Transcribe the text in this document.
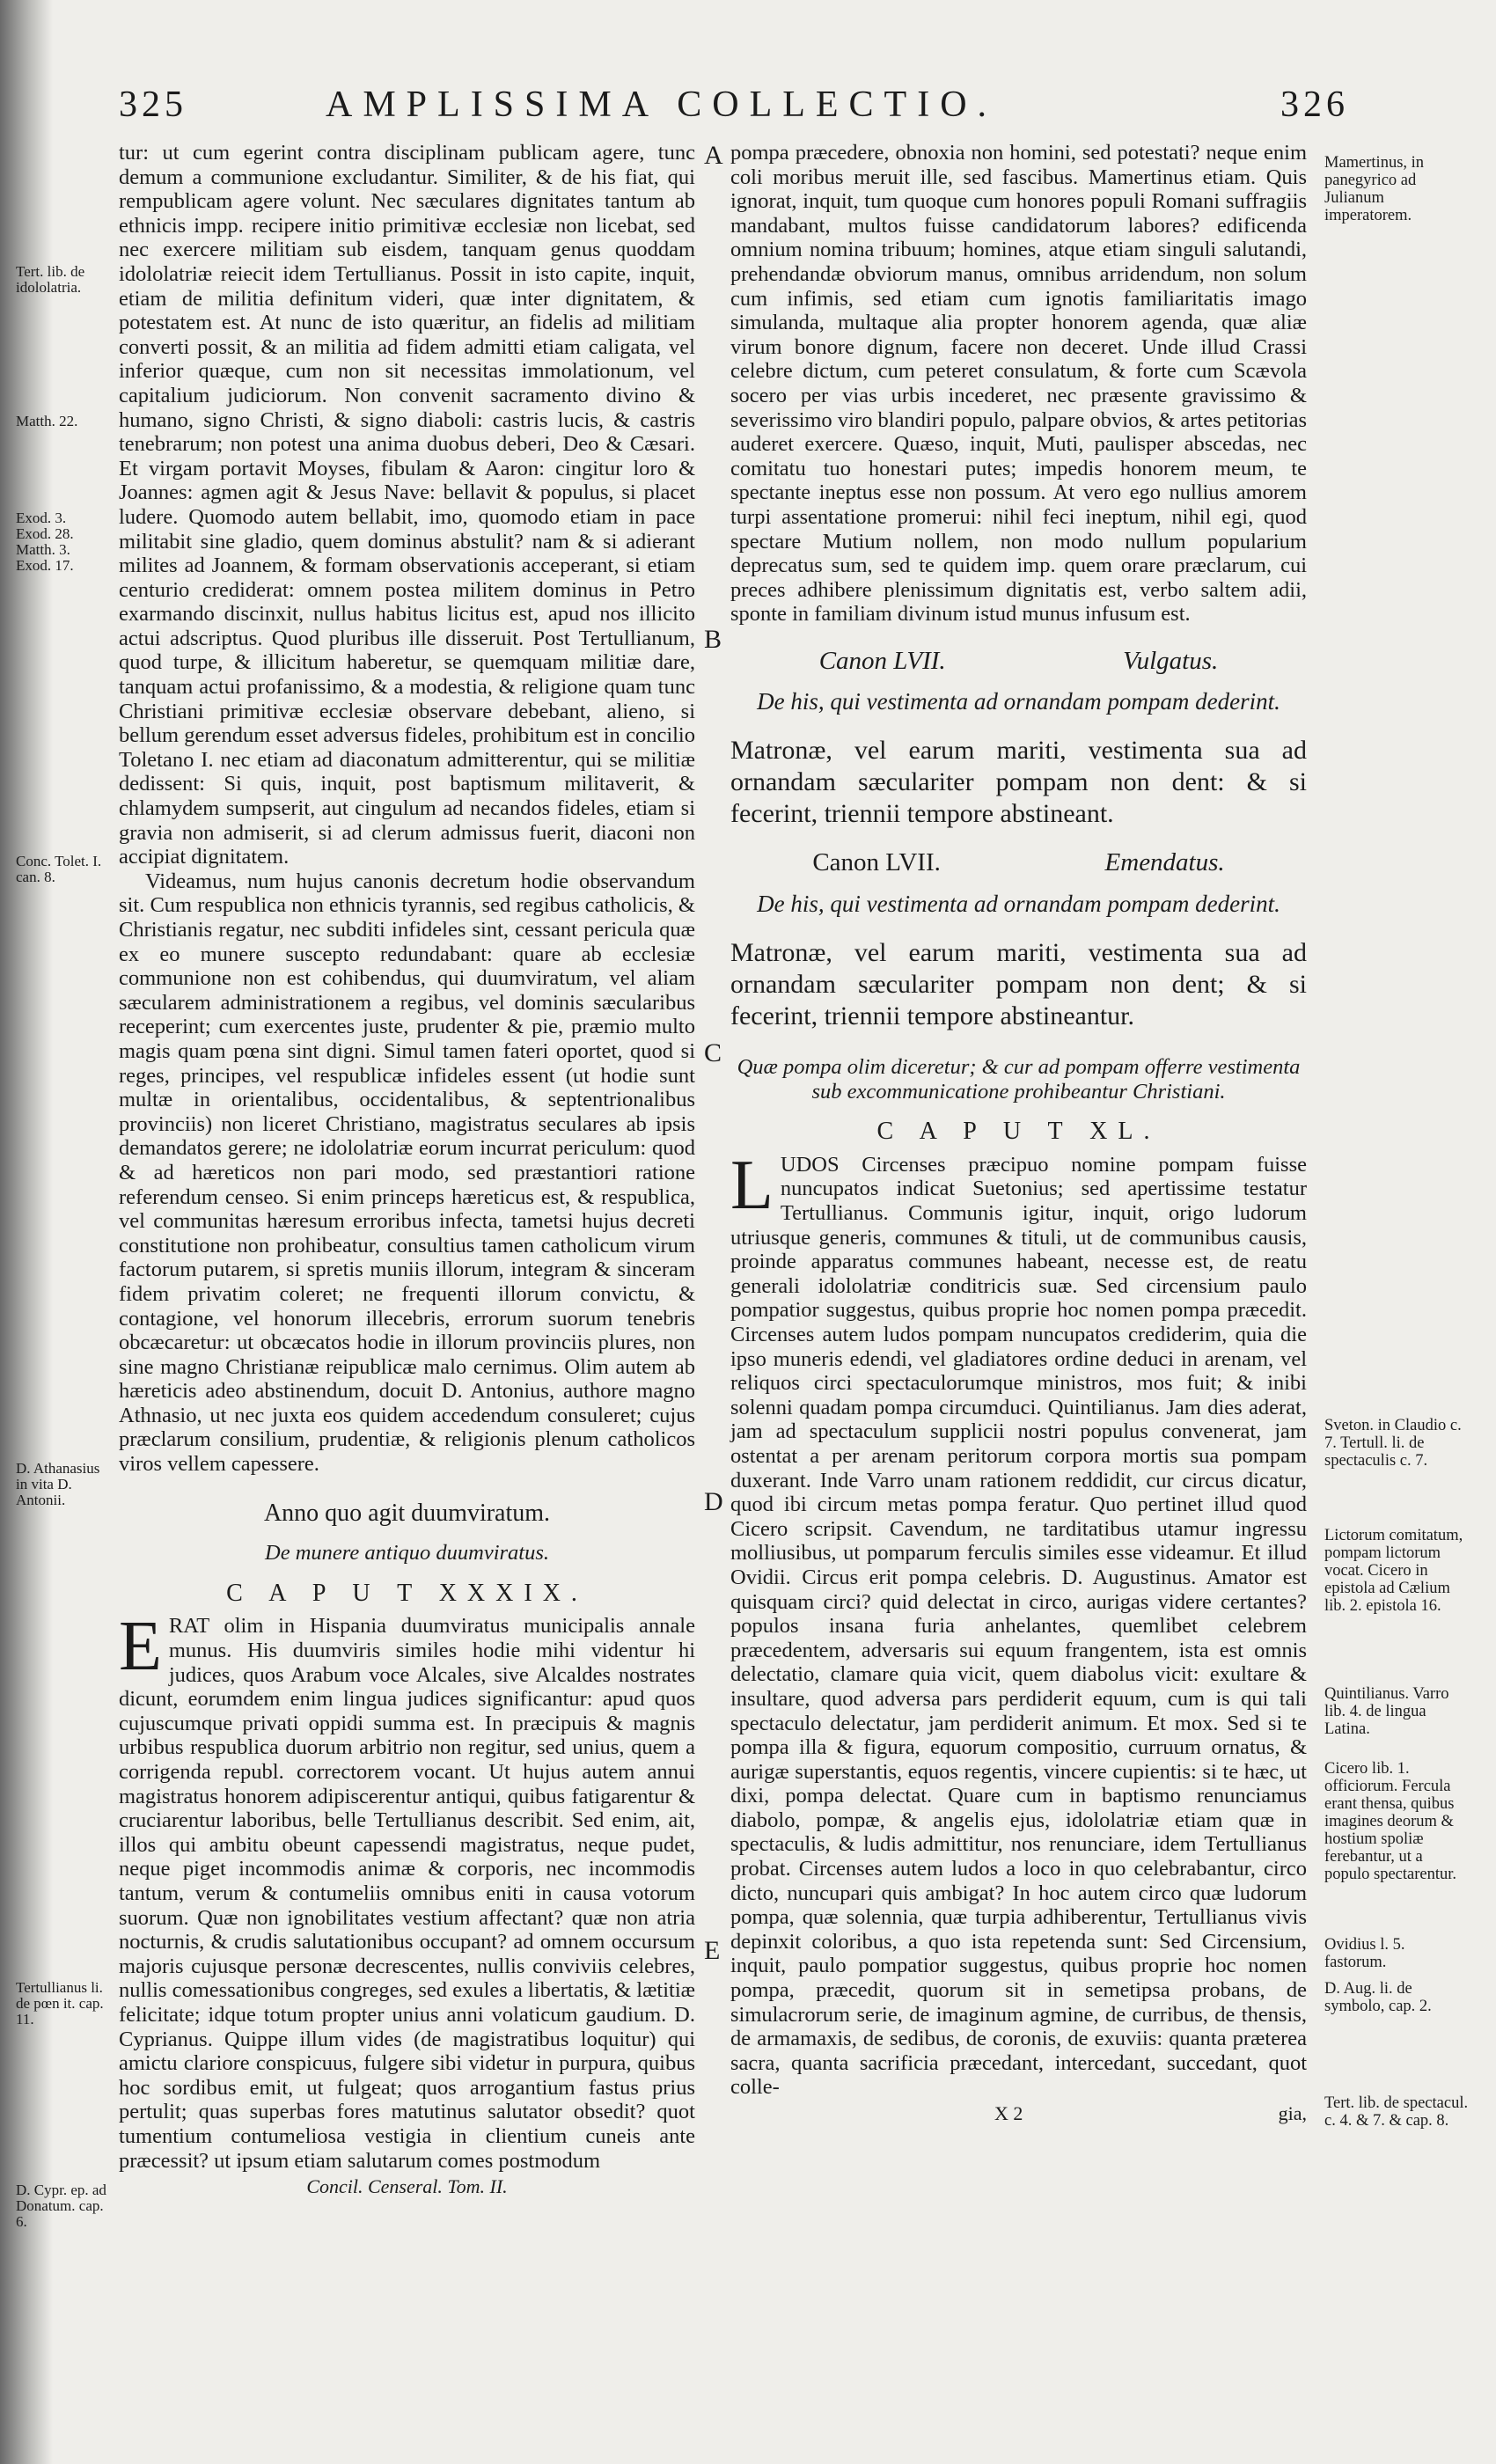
325	AMPLISSIMA COLLECTIO.	326
A
B
C
D
E
Tert. lib. de idololatria.
Matth. 22.
Exod. 3.
Exod. 28.
Matth. 3.
Exod. 17.
Conc. Tolet. I. can. 8.
D. Athanasius in vita D. Antonii.
Tertullianus li. de pœn it. cap. 11.
D. Cypr. ep. ad Donatum. cap. 6.
Mamertinus, in panegyrico ad Julianum imperatorem.
Sveton. in Claudio c. 7. Tertull. li. de spectaculis c. 7.
Lictorum comitatum, pompam lictorum vocat. Cicero in epistola ad Cælium lib. 2. epistola 16.
Quintilianus. Varro lib. 4. de lingua Latina.
Cicero lib. 1. officiorum. Fercula erant thensa, quibus imagines deorum & hostium spoliæ ferebantur, ut a populo spectarentur.
Ovidius l. 5. fastorum.
D. Aug. li. de symbolo, cap. 2.
Tert. lib. de spectacul. c. 4. & 7. & cap. 8.

tur: ut cum egerint contra disciplinam publicam agere, tunc demum a communione excludantur. Similiter, & de his fiat, qui rempublicam agere volunt. Nec sæculares dignitates tantum ab ethnicis impp. recipere initio primitivæ ecclesiæ non licebat, sed nec exercere militiam sub eisdem, tanquam genus quoddam idololatriæ reiecit idem Tertullianus. Possit in isto capite, inquit, etiam de militia definitum videri, quæ inter dignitatem, & potestatem est. At nunc de isto quæritur, an fidelis ad militiam converti possit, & an militia ad fidem admitti etiam caligata, vel inferior quæque, cum non sit necessitas immolationum, vel capitalium judiciorum. Non convenit sacramento divino & humano, signo Christi, & signo diaboli: castris lucis, & castris tenebrarum; non potest una anima duobus deberi, Deo & Cæsari. Et virgam portavit Moyses, fibulam & Aaron: cingitur loro & Joannes: agmen agit & Jesus Nave: bellavit & populus, si placet ludere. Quomodo autem bellabit, imo, quomodo etiam in pace militabit sine gladio, quem dominus abstulit? nam & si adierant milites ad Joannem, & formam observationis acceperant, si etiam centurio crediderat: omnem postea militem dominus in Petro exarmando discinxit, nullus habitus licitus est, apud nos illicito actui adscriptus. Quod pluribus ille disseruit. Post Tertullianum, quod turpe, & illicitum haberetur, se quemquam militiæ dare, tanquam actui profanissimo, & a modestia, & religione quam tunc Christiani primitivæ ecclesiæ observare debebant, alieno, si bellum gerendum esset adversus fideles, prohibitum est in concilio Toletano I. nec etiam ad diaconatum admitterentur, qui se militiæ dedissent: Si quis, inquit, post baptismum militaverit, & chlamydem sumpserit, aut cingulum ad necandos fideles, etiam si gravia non admiserit, si ad clerum admissus fuerit, diaconi non accipiat dignitatem.

Videamus, num hujus canonis decretum hodie observandum sit. Cum respublica non ethnicis tyrannis, sed regibus catholicis, & Christianis regatur, nec subditi infideles sint, cessant pericula quæ ex eo munere suscepto redundabant: quare ab ecclesiæ communione non est cohibendus, qui duumviratum, vel aliam sæcularem administrationem a regibus, vel dominis sæcularibus receperint; cum exercentes juste, prudenter & pie, præmio multo magis quam pœna sint digni. Simul tamen fateri oportet, quod si reges, principes, vel respublicæ infideles essent (ut hodie sunt multæ in orientalibus, occidentalibus, & septentrionalibus provinciis) non liceret Christiano, magistratus seculares ab ipsis demandatos gerere; ne idololatriæ eorum incurrat periculum: quod & ad hæreticos non pari modo, sed præstantiori ratione referendum censeo. Si enim princeps hæreticus est, & respublica, vel communitas hæresum erroribus infecta, tametsi hujus decreti constitutione non prohibeatur, consultius tamen catholicum virum factorum putarem, si spretis muniis illorum, integram & sinceram fidem privatim coleret; ne frequenti illorum convictu, & contagione, vel honorum illecebris, errorum suorum tenebris obcæcaretur: ut obcæcatos hodie in illorum provinciis plures, non sine magno Christianæ reipublicæ malo cernimus. Olim autem ab hæreticis adeo abstinendum, docuit D. Antonius, authore magno Athnasio, ut nec juxta eos quidem accedendum consuleret; cujus præclarum consilium, prudentiæ, & religionis plenum catholicos viros vellem capessere.

Anno quo agit duumviratum.
De munere antiquo duumviratus.
C A P U T XXXIX.

E RAT olim in Hispania duumviratus municipalis annale munus. His duumviris similes hodie mihi videntur hi judices, quos Arabum voce Alcales, sive Alcaldes nostrates dicunt, eorumdem enim lingua judices significantur: apud quos cujuscumque privati oppidi summa est. In præcipuis & magnis urbibus respublica duorum arbitrio non regitur, sed unius, quem a corrigenda republ. correctorem vocant. Ut hujus autem annui magistratus honorem adipiscerentur antiqui, quibus fatigarentur & cruciarentur laboribus, belle Tertullianus describit. Sed enim, ait, illos qui ambitu obeunt capessendi magistratus, neque pudet, neque piget incommodis animæ & corporis, nec incommodis tantum, verum & contumeliis omnibus eniti in causa votorum suorum. Quæ non ignobilitates vestium affectant? quæ non atria nocturnis, & crudis salutationibus occupant? ad omnem occursum majoris cujusque personæ decrescentes, nullis conviviis celebres, nullis comessationibus congreges, sed exules a libertatis, & lætitiæ felicitate; idque totum propter unius anni volaticum gaudium. D. Cyprianus. Quippe illum vides (de magistratibus loquitur) qui amictu clariore conspicuus, fulgere sibi videtur in purpura, quibus hoc sordibus emit, ut fulgeat; quos arrogantium fastus prius pertulit; quas superbas fores matutinus salutator obsedit? quot tumentium contumeliosa vestigia in clientium cuneis ante præcessit? ut ipsum etiam salutarum comes postmodum

Concil. Censeral. Tom. II.

pompa præcedere, obnoxia non homini, sed potestati? neque enim coli moribus meruit ille, sed fascibus. Mamertinus etiam. Quis ignorat, inquit, tum quoque cum honores populi Romani suffragiis mandabant, multos fuisse candidatorum labores? edificenda omnium nomina tribuum; homines, atque etiam singuli salutandi, prehendandæ obviorum manus, omnibus arridendum, non solum cum infimis, sed etiam cum ignotis familiaritatis imago simulanda, multaque alia propter honorem agenda, quæ aliæ virum bonore dignum, facere non deceret. Unde illud Crassi celebre dictum, cum peteret consulatum, & forte cum Scævola socero per vias urbis incederet, nec præsente gravissimo & severissimo viro blandiri populo, palpare obvios, & artes petitorias auderet exercere. Quæso, inquit, Muti, paulisper abscedas, nec comitatu tuo honestari putes; impedis honorem meum, te spectante ineptus esse non possum. At vero ego nullius amorem turpi assentatione promerui: nihil feci ineptum, nihil egi, quod spectare Mutium nollem, non modo nullum popularium deprecatus sum, sed te quidem imp. quem orare præclarum, cui preces adhibere plenissimum dignitatis est, verbo saltem adii, sponte in familiam divinum istud munus infusum est.

Canon LVII.	Vulgatus.
De his, qui vestimenta ad ornandam pompam dederint.

Matronæ, vel earum mariti, vestimenta sua ad ornandam sæculariter pompam non dent: & si fecerint, triennii tempore abstineant.

Canon LVII.	Emendatus.
De his, qui vestimenta ad ornandam pompam dederint.

Matronæ, vel earum mariti, vestimenta sua ad ornandam sæculariter pompam non dent; & si fecerint, triennii tempore abstineantur.

Quæ pompa olim diceretur; & cur ad pompam offerre vestimenta sub excommunicatione prohibeantur Christiani.
C A P U T XL.

L UDOS Circenses præcipuo nomine pompam fuisse nuncupatos indicat Suetonius; sed apertissime testatur Tertullianus. Communis igitur, inquit, origo ludorum utriusque generis, communes & tituli, ut de communibus causis, proinde apparatus communes habeant, necesse est, de reatu generali idololatriæ conditricis suæ. Sed circensium paulo pompatior suggestus, quibus proprie hoc nomen pompa præcedit. Circenses autem ludos pompam nuncupatos crediderim, quia die ipso muneris edendi, vel gladiatores ordine deduci in arenam, vel reliquos circi spectaculorumque ministros, mos fuit; & inibi solenni quadam pompa circumduci. Quintilianus. Jam dies aderat, jam ad spectaculum supplicii nostri populus convenerat, jam ostentat a per arenam peritorum corpora mortis sua pompam duxerant. Inde Varro unam rationem reddidit, cur circus dicatur, quod ibi circum metas pompa feratur. Quo pertinet illud quod Cicero scripsit. Cavendum, ne tarditatibus utamur ingressu molliusibus, ut pomparum ferculis similes esse videamur. Et illud Ovidii. Circus erit pompa celebris. D. Augustinus. Amator est quisquam circi? quid delectat in circo, aurigas videre certantes? populos insana furia anhelantes, quemlibet celebrem præcedentem, adversaris sui equum frangentem, ista est omnis delectatio, clamare quia vicit, quem diabolus vicit: exultare & insultare, quod adversa pars perdiderit equum, cum is qui tali spectaculo delectatur, jam perdiderit animum. Et mox. Sed si te pompa illa & figura, equorum compositio, curruum ornatus, & aurigæ superstantis, equos regentis, vincere cupientis: si te hæc, ut dixi, pompa delectat. Quare cum in baptismo renunciamus diabolo, pompæ, & angelis ejus, idololatriæ etiam quæ in spectaculis, & ludis admittitur, nos renunciare, idem Tertullianus probat. Circenses autem ludos a loco in quo celebrabantur, circo dicto, nuncupari quis ambigat? In hoc autem circo quæ ludorum pompa, quæ solennia, quæ turpia adhiberentur, Tertullianus vivis depinxit coloribus, a quo ista repetenda sunt: Sed Circensium, inquit, paulo pompatior suggestus, quibus proprie hoc nomen pompa, præcedit, quorum sit in semetipsa probans, de simulacrorum serie, de imaginum agmine, de curribus, de thensis, de armamaxis, de sedibus, de coronis, de exuviis: quanta præterea sacra, quanta sacrificia præcedant, intercedant, succedant, quot colle-

X 2	gia,
